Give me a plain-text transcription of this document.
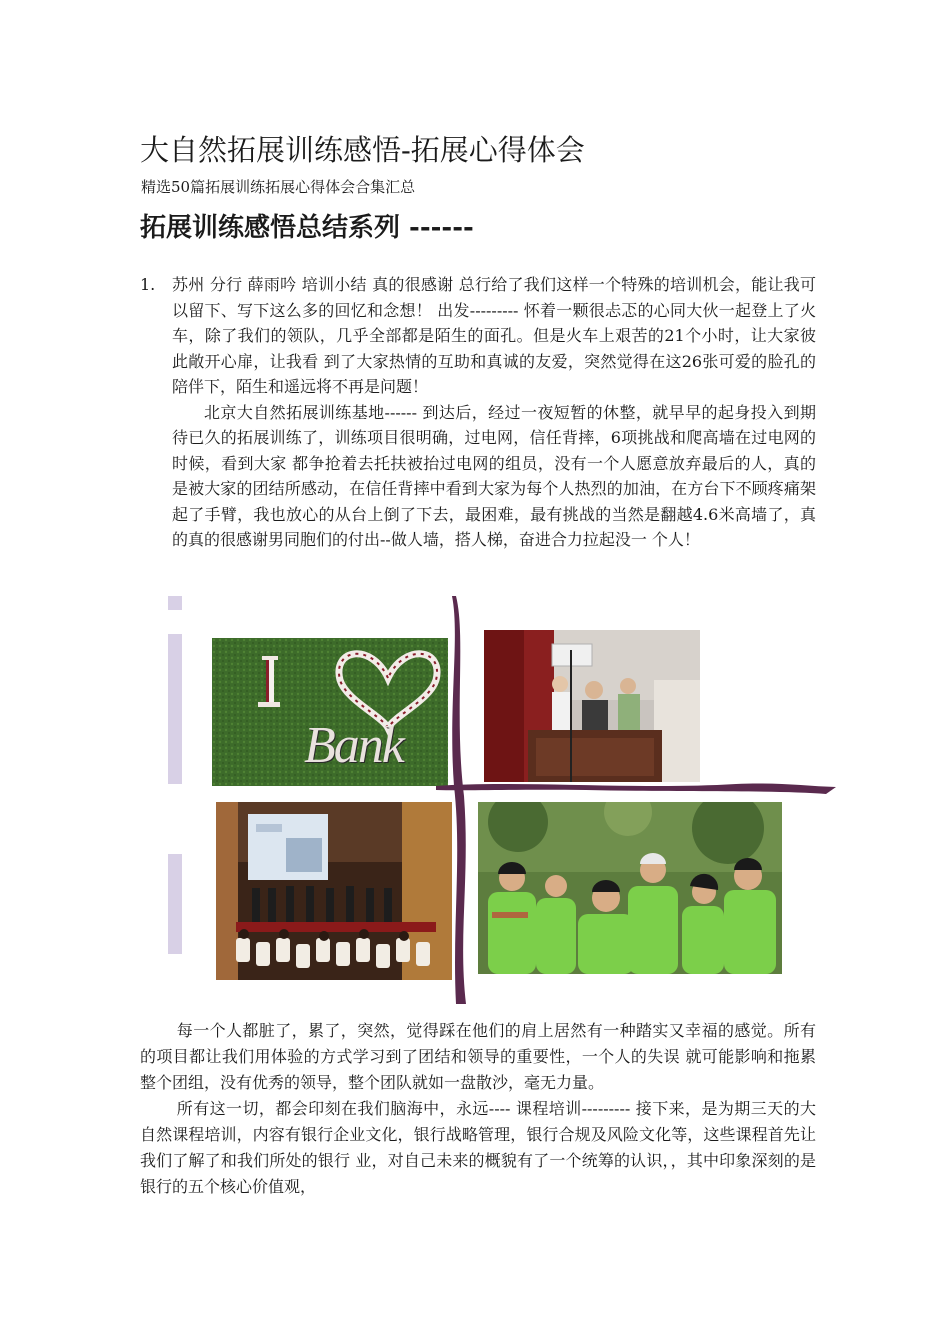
大自然拓展训练感悟-拓展心得体会
精选50篇拓展训练拓展心得体会合集汇总
拓展训练感悟总结系列 ------
1.	苏州 分行 薛雨吟 培训小结 真的很感谢 总行给了我们这样一个特殊的培训机会，能让我可以留下、写下这么多的回忆和念想！ 出发--------- 怀着一颗很忐忑的心同大伙一起登上了火车，除了我们的领队，几乎全部都是陌生的面孔。但是火车上艰苦的21个小时，让大家彼此敞开心扉，让我看 到了大家热情的互助和真诚的友爱，突然觉得在这26张可爱的脸孔的陪伴下，陌生和遥远将不再是问题！

北京大自然拓展训练基地------ 到达后，经过一夜短暂的休整，就早早的起身投入到期待已久的拓展训练了，训练项目很明确，过电网，信任背摔，6项挑战和爬高墙在过电网的时候，看到大家 都争抢着去托扶被抬过电网的组员，没有一个人愿意放弃最后的人，真的是被大家的团结所感动，在信任背摔中看到大家为每个人热烈的加油，在方台下不顾疼痛架 起了手臂，我也放心的从台上倒了下去，最困难，最有挑战的当然是翻越4.6米高墙了，真的真的很感谢男同胞们的付出--做人墙，搭人梯，奋进合力拉起没一 个人！

Bank

每一个人都脏了，累了，突然，觉得踩在他们的肩上居然有一种踏实又幸福的感觉。所有的项目都让我们用体验的方式学习到了团结和领导的重要性，一个人的失误 就可能影响和拖累整个团组，没有优秀的领导，整个团队就如一盘散沙，毫无力量。

所有这一切，都会印刻在我们脑海中，永远---- 课程培训--------- 接下来，是为期三天的大自然课程培训，内容有银行企业文化，银行战略管理，银行合规及风险文化等，这些课程首先让我们了解了和我们所处的银行 业，对自己未来的概貌有了一个统筹的认识，，其中印象深刻的是银行的五个核心价值观，
